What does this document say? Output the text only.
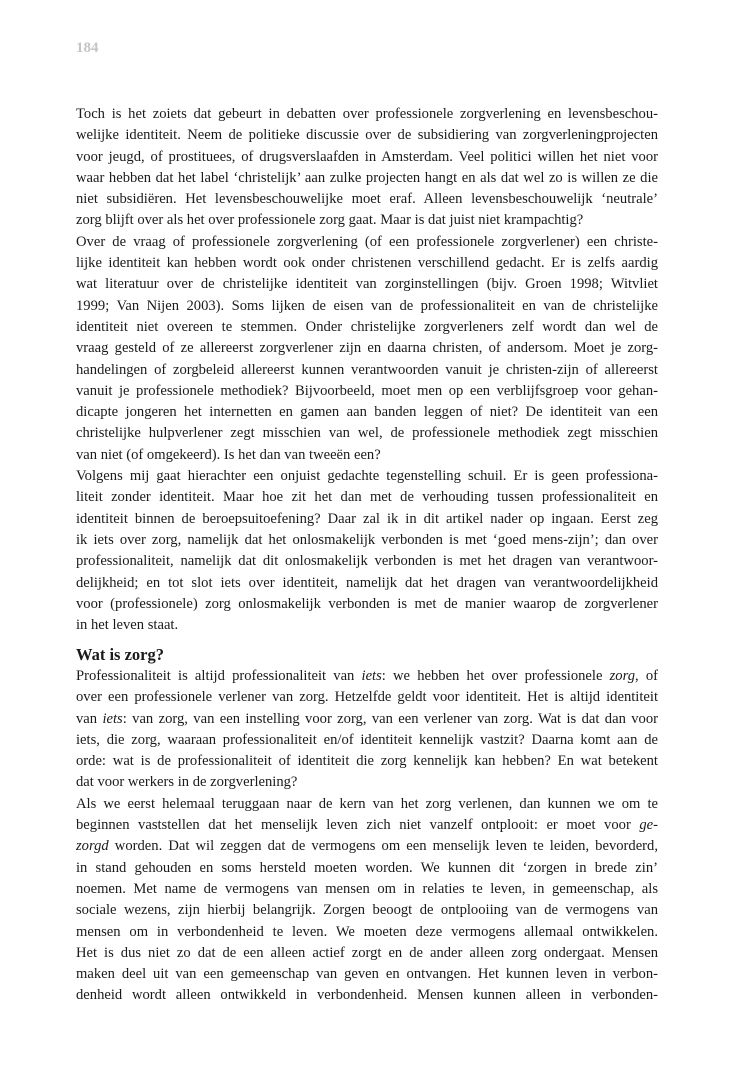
184
Toch is het zoiets dat gebeurt in debatten over professionele zorgverlening en levensbeschou-
welijke identiteit. Neem de politieke discussie over de subsidiering van zorgverleningprojecten
voor jeugd, of prostituees, of drugsverslaafden in Amsterdam. Veel politici willen het niet voor
waar hebben dat het label ‘christelijk’ aan zulke projecten hangt en als dat wel zo is willen ze die
niet subsidiëren. Het levensbeschouwelijke moet eraf. Alleen levensbeschouwelijk ‘neutrale’
zorg blijft over als het over professionele zorg gaat. Maar is dat juist niet krampachtig?
Over de vraag of professionele zorgverlening (of een professionele zorgverlener) een christe-
lijke identiteit kan hebben wordt ook onder christenen verschillend gedacht. Er is zelfs aardig
wat literatuur over de christelijke identiteit van zorginstellingen (bijv. Groen 1998; Witvliet
1999; Van Nijen 2003). Soms lijken de eisen van de professionaliteit en van de christelijke
identiteit niet overeen te stemmen. Onder christelijke zorgverleners zelf wordt dan wel de
vraag gesteld of ze allereerst zorgverlener zijn en daarna christen, of andersom. Moet je zorg-
handelingen of zorgbeleid allereerst kunnen verantwoorden vanuit je christen-zijn of allereerst
vanuit je professionele methodiek? Bijvoorbeeld, moet men op een verblijfsgroep voor gehan-
dicapte jongeren het internetten en gamen aan banden leggen of niet? De identiteit van een
christelijke hulpverlener zegt misschien van wel, de professionele methodiek zegt misschien
van niet (of omgekeerd). Is het dan van tweeën een?
Volgens mij gaat hierachter een onjuist gedachte tegenstelling schuil. Er is geen professiona-
liteit zonder identiteit. Maar hoe zit het dan met de verhouding tussen professionaliteit en
identiteit binnen de beroepsuitoefening? Daar zal ik in dit artikel nader op ingaan. Eerst zeg
ik iets over zorg, namelijk dat het onlosmakelijk verbonden is met ‘goed mens-zijn’; dan over
professionaliteit, namelijk dat dit onlosmakelijk verbonden is met het dragen van verantwoor-
delijkheid; en tot slot iets over identiteit, namelijk dat het dragen van verantwoordelijkheid
voor (professionele) zorg onlosmakelijk verbonden is met de manier waarop de zorgverlener
in het leven staat.
Wat is zorg?
Professionaliteit is altijd professionaliteit van iets: we hebben het over professionele zorg, of
over een professionele verlener van zorg. Hetzelfde geldt voor identiteit. Het is altijd identiteit
van iets: van zorg, van een instelling voor zorg, van een verlener van zorg. Wat is dat dan voor
iets, die zorg, waaraan professionaliteit en/of identiteit kennelijk vastzit? Daarna komt aan de
orde: wat is de professionaliteit of identiteit die zorg kennelijk kan hebben? En wat betekent
dat voor werkers in de zorgverlening?
Als we eerst helemaal teruggaan naar de kern van het zorg verlenen, dan kunnen we om te
beginnen vaststellen dat het menselijk leven zich niet vanzelf ontplooit: er moet voor ge-
zorgd worden. Dat wil zeggen dat de vermogens om een menselijk leven te leiden, bevorderd,
in stand gehouden en soms hersteld moeten worden. We kunnen dit ‘zorgen in brede zin’
noemen. Met name de vermogens van mensen om in relaties te leven, in gemeenschap, als
sociale wezens, zijn hierbij belangrijk. Zorgen beoogt de ontplooiing van de vermogens van
mensen om in verbondenheid te leven. We moeten deze vermogens allemaal ontwikkelen.
Het is dus niet zo dat de een alleen actief zorgt en de ander alleen zorg ondergaat. Mensen
maken deel uit van een gemeenschap van geven en ontvangen. Het kunnen leven in verbon-
denheid wordt alleen ontwikkeld in verbondenheid. Mensen kunnen alleen in verbonden-
